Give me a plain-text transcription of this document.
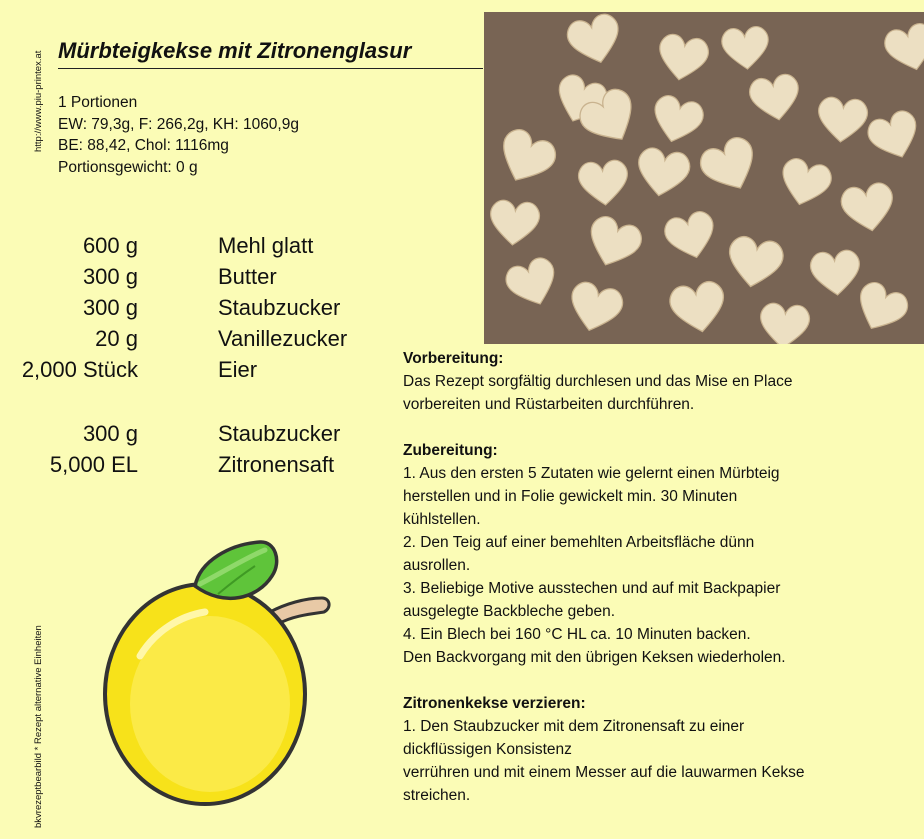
http://www.piu-printex.at
bkvrezeptbearbild * Rezept alternative Einheiten
Mürbteigkekse mit Zitronenglasur
1 Portionen
EW: 79,3g, F: 266,2g, KH: 1060,9g
BE: 88,42, Chol: 1116mg
Portionsgewicht: 0 g
600 g	Mehl glatt
300 g	Butter
300 g	Staubzucker
20 g	Vanillezucker
2,000 Stück	Eier
300 g	Staubzucker
5,000 EL	Zitronensaft
Vorbereitung:
Das Rezept sorgfältig durchlesen und das Mise en Place
vorbereiten und Rüstarbeiten durchführen.
Zubereitung:
1. Aus den ersten 5 Zutaten wie gelernt einen Mürbteig
herstellen und in Folie gewickelt min. 30 Minuten
kühlstellen.
2. Den Teig auf einer bemehlten Arbeitsfläche dünn
ausrollen.
3. Beliebige Motive ausstechen und auf mit Backpapier
ausgelegte Backbleche geben.
4. Ein Blech bei 160 °C HL ca. 10 Minuten backen.
Den Backvorgang mit den übrigen Keksen wiederholen.
Zitronenkekse verzieren:
1. Den Staubzucker mit dem Zitronensaft zu einer
dickflüssigen Konsistenz
verrühren und mit einem Messer auf die lauwarmen Kekse
streichen.
